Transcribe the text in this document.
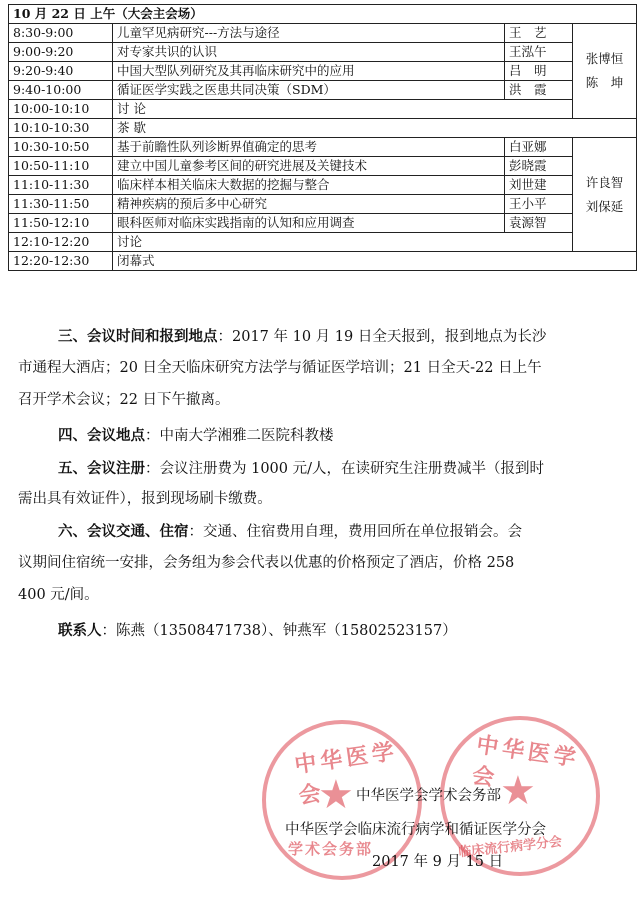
10 月 22 日 上午（大会主会场）			
8:30-9:00	儿童罕见病研究---方法与途径	王　艺	张博恒
陈　坤

9:00-9:20	对专家共识的认识	王泓午	
9:20-9:40	中国大型队列研究及其再临床研究中的应用	吕　明	
9:40-10:00	循证医学实践之医患共同决策（SDM）	洪　霞	
10:00-10:10	讨 论		
10:10-10:30	茶 歇		
10:30-10:50	基于前瞻性队列诊断界值确定的思考	白亚娜	许良智
刘保延

10:50-11:10	建立中国儿童参考区间的研究进展及关键技术	彭晓霞	
11:10-11:30	临床样本相关临床大数据的挖掘与整合	刘世建	
11:30-11:50	精神疾病的预后多中心研究	王小平	
11:50-12:10	眼科医师对临床实践指南的认知和应用调查	袁源智	
12:10-12:20	讨论		
12:20-12:30	闭幕式		
三、会议时间和报到地点：2017 年 10 月 19 日全天报到，报到地点为长沙
市通程大酒店；20 日全天临床研究方法学与循证医学培训；21 日全天-22 日上午
召开学术会议；22 日下午撤离。
四、会议地点：中南大学湘雅二医院科教楼
五、会议注册：会议注册费为 1000 元/人，在读研究生注册费减半（报到时
需出具有效证件），报到现场刷卡缴费。
六、会议交通、住宿：交通、住宿费用自理，费用回所在单位报销会。会
议期间住宿统一安排，会务组为参会代表以优惠的价格预定了酒店，价格 258
400 元/间。
联系人：陈燕（13508471738）、钟燕军（15802523157）
中华医学会
★
学术会务部
中华医学会 ★
临床流行病学分会
中华医学会学术会务部
中华医学会临床流行病学和循证医学分会
2017 年 9 月 15 日
